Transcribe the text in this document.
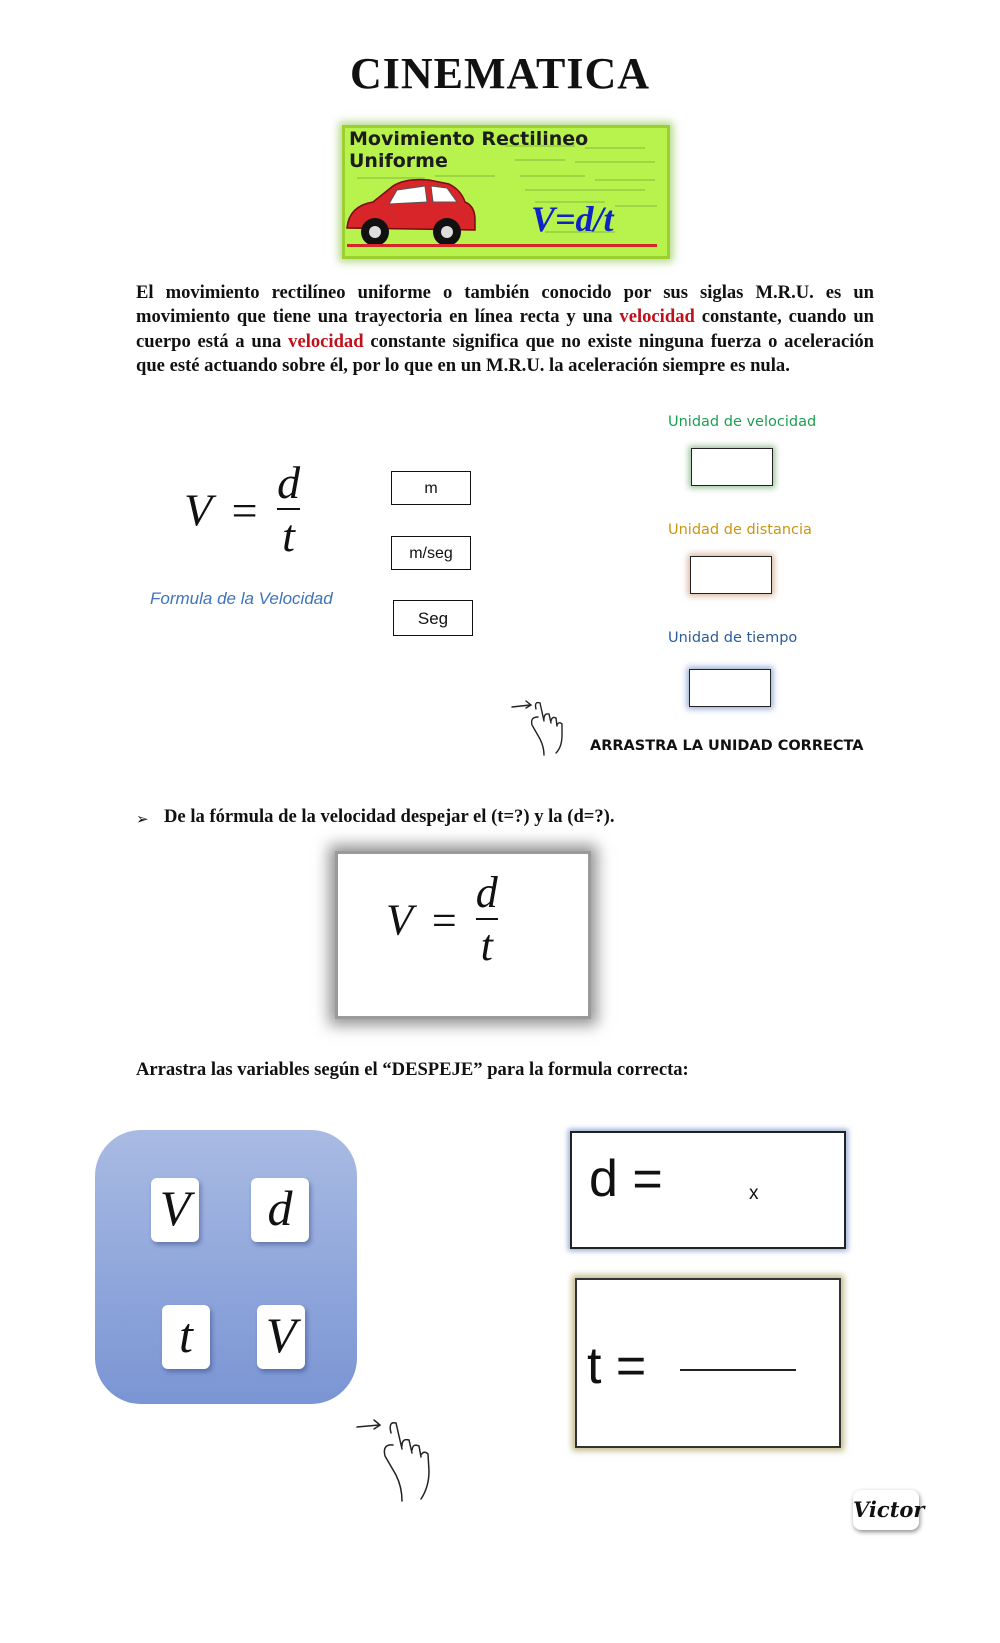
CINEMATICA
Movimiento Rectilineo Uniforme
V=d/t
El movimiento rectilíneo uniforme o también conocido por sus siglas M.R.U. es un movimiento que tiene una trayectoria en línea recta y una velocidad constante, cuando un cuerpo está a una velocidad constante significa que no existe ninguna fuerza o aceleración que esté actuando sobre él, por lo que en un M.R.U. la aceleración siempre es nula.
$V = \frac{d}{t}$
Formula de la Velocidad
m
m/seg
Seg
Unidad de velocidad
Unidad de distancia
Unidad de tiempo
ARRASTRA LA UNIDAD CORRECTA
➢ De la fórmula de la velocidad despejar el (t=?) y la (d=?).
$V = \frac{d}{t}$
Arrastra las variables según el “DESPEJE” para la formula correcta:
V	d
t	V
d =	x
t =
Victor
